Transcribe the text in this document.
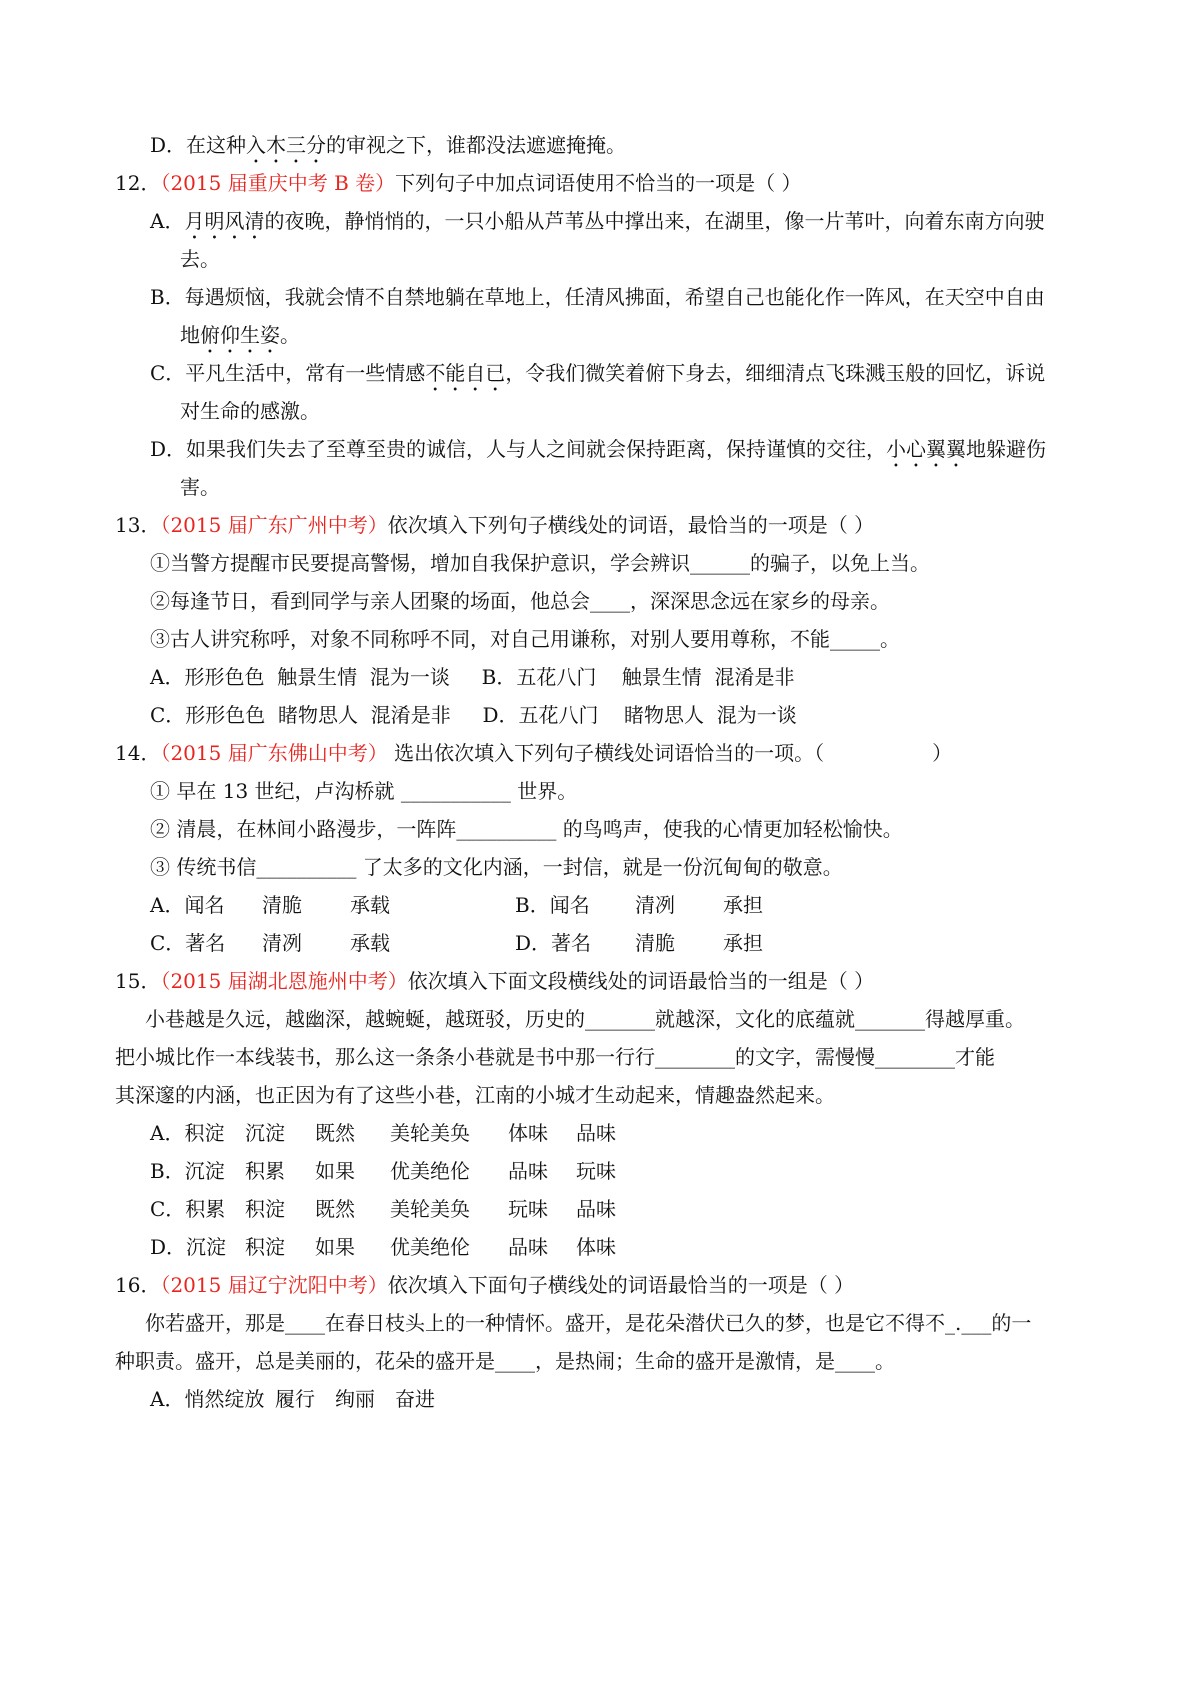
D．在这种入木三分的审视之下，谁都没法遮遮掩掩。
12．（2015 届重庆中考 B 卷）下列句子中加点词语使用不恰当的一项是（ ）
A．月明风清的夜晚，静悄悄的，一只小船从芦苇丛中撑出来，在湖里，像一片苇叶，向着东南方向驶
去。
B．每遇烦恼，我就会情不自禁地躺在草地上，任清风拂面，希望自己也能化作一阵风，在天空中自由
地俯仰生姿。
C．平凡生活中，常有一些情感不能自已，令我们微笑着俯下身去，细细清点飞珠溅玉般的回忆，诉说
对生命的感激。
D．如果我们失去了至尊至贵的诚信，人与人之间就会保持距离，保持谨慎的交往，小心翼翼地躲避伤
害。
13．（2015 届广东广州中考）依次填入下列句子横线处的词语，最恰当的一项是（ ）
①当警方提醒市民要提高警惕，增加自我保护意识，学会辨识______的骗子，以免上当。
②每逢节日，看到同学与亲人团聚的场面，他总会____，深深思念远在家乡的母亲。
③古人讲究称呼，对象不同称呼不同，对自己用谦称，对别人要用尊称，不能_____。
A．形形色色  触景生情  混为一谈     B．五花八门    触景生情  混淆是非
C．形形色色  睹物思人  混淆是非     D．五花八门    睹物思人  混为一谈
14．（2015 届广东佛山中考） 选出依次填入下列句子横线处词语恰当的一项。（                 ）
① 早在 13 世纪，卢沟桥就 ___________ 世界。
② 清晨，在林间小路漫步，一阵阵__________ 的鸟鸣声，使我的心情更加轻松愉快。
③ 传统书信__________ 了太多的文化内涵，一封信，就是一份沉甸甸的敬意。
A．闻名 清脆 承载	B．闻名 清冽 承担
C．著名 清冽 承载	D．著名 清脆 承担
15．（2015 届湖北恩施州中考）依次填入下面文段横线处的词语最恰当的一组是（ ）
小巷越是久远，越幽深，越蜿蜒，越斑驳，历史的_______就越深，文化的底蕴就_______得越厚重。
把小城比作一本线装书，那么这一条条小巷就是书中那一行行________的文字，需慢慢________才能
其深邃的内涵，也正因为有了这些小巷，江南的小城才生动起来，情趣盎然起来。
A．积淀 沉淀 既然 美轮美奂 体味 品味
B．沉淀 积累 如果 优美绝伦 品味 玩味
C．积累 积淀 既然 美轮美奂 玩味 品味
D．沉淀 积淀 如果 优美绝伦 品味 体味
16．（2015 届辽宁沈阳中考）依次填入下面句子横线处的词语最恰当的一项是（ ）
你若盛开，那是____在春日枝头上的一种情怀。盛开，是花朵潜伏已久的梦，也是它不得不_.___的一
种职责。盛开，总是美丽的，花朵的盛开是____，是热闹；生命的盛开是激情，是____。
A．悄然绽放 履行 绚丽 奋进
